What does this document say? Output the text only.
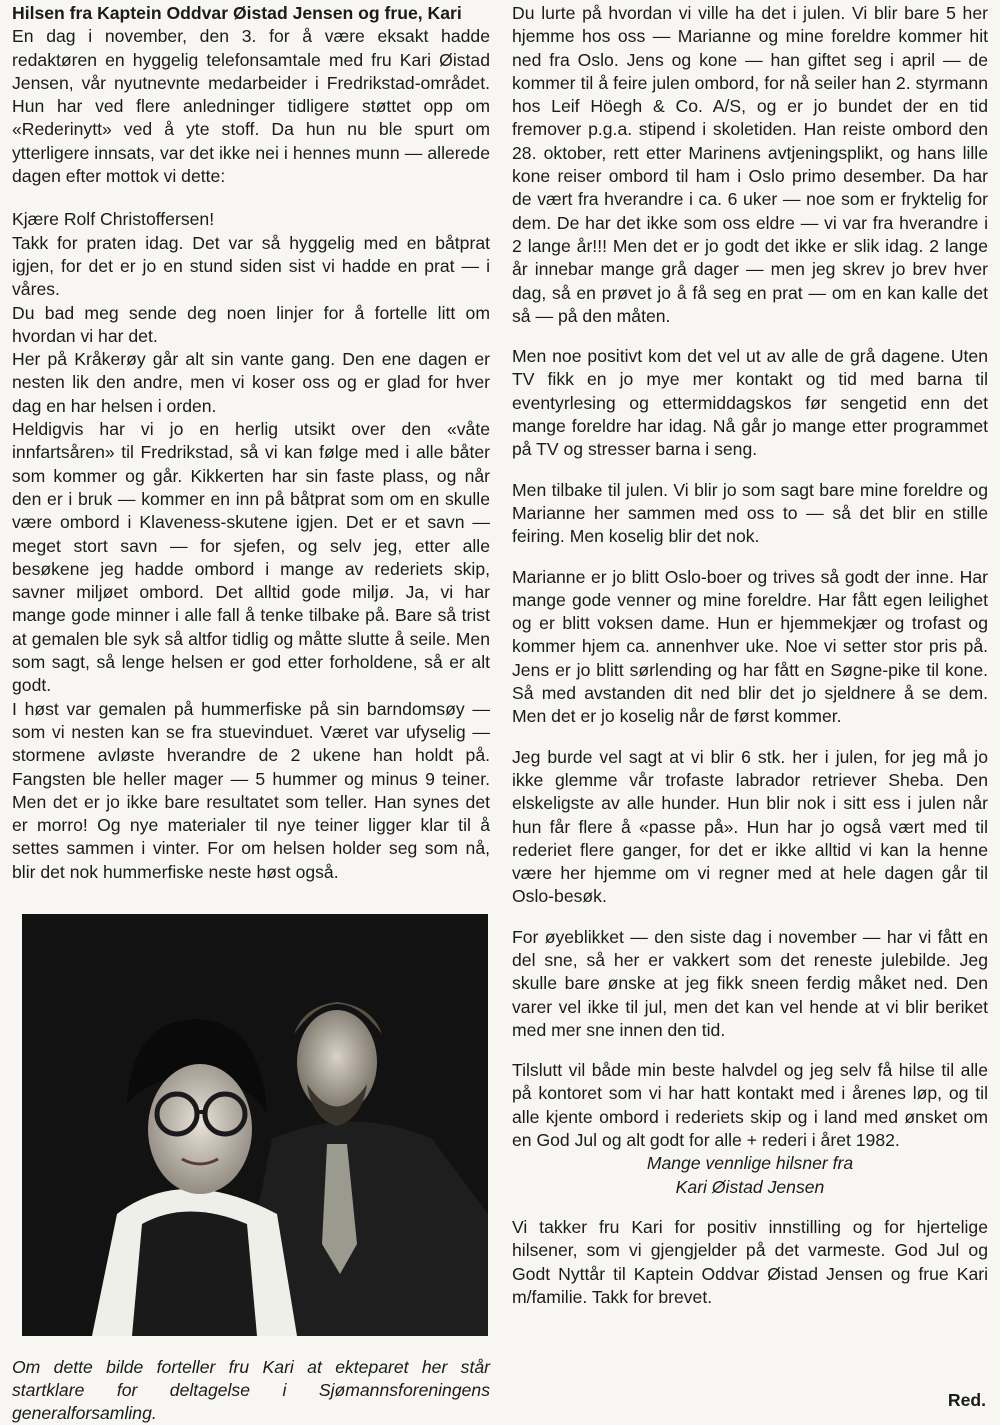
Hilsen fra Kaptein Oddvar Øistad Jensen og frue, Kari

En dag i november, den 3. for å være eksakt hadde redaktøren en hyggelig telefonsamtale med fru Kari Øistad Jensen, vår nyutnevnte medarbeider i Fredrikstad-området. Hun har ved flere anledninger tidligere støttet opp om «Rederinytt» ved å yte stoff. Da hun nu ble spurt om ytterligere innsats, var det ikke nei i hennes munn — allerede dagen efter mottok vi dette:

Kjære Rolf Christoffersen!

Takk for praten idag. Det var så hyggelig med en båtprat igjen, for det er jo en stund siden sist vi hadde en prat — i våres.

Du bad meg sende deg noen linjer for å fortelle litt om hvordan vi har det.

Her på Kråkerøy går alt sin vante gang. Den ene dagen er nesten lik den andre, men vi koser oss og er glad for hver dag en har helsen i orden.

Heldigvis har vi jo en herlig utsikt over den «våte innfartsåren» til Fredrikstad, så vi kan følge med i alle båter som kommer og går. Kikkerten har sin faste plass, og når den er i bruk — kommer en inn på båtprat som om en skulle være ombord i Klaveness-skutene igjen. Det er et savn — meget stort savn — for sjefen, og selv jeg, etter alle besøkene jeg hadde ombord i mange av rederiets skip, savner miljøet ombord. Det alltid gode miljø. Ja, vi har mange gode minner i alle fall å tenke tilbake på. Bare så trist at gemalen ble syk så altfor tidlig og måtte slutte å seile. Men som sagt, så lenge helsen er god etter forholdene, så er alt godt.

I høst var gemalen på hummerfiske på sin barndomsøy — som vi nesten kan se fra stuevinduet. Været var ufyselig — stormene avløste hverandre de 2 ukene han holdt på. Fangsten ble heller mager — 5 hummer og minus 9 teiner. Men det er jo ikke bare resultatet som teller. Han synes det er morro! Og nye materialer til nye teiner ligger klar til å settes sammen i vinter. For om helsen holder seg som nå, blir det nok hummerfiske neste høst også.

Om dette bilde forteller fru Kari at ekteparet her står startklare for deltagelse i Sjømannsforeningens generalforsamling.

Du lurte på hvordan vi ville ha det i julen. Vi blir bare 5 her hjemme hos oss — Marianne og mine foreldre kommer hit ned fra Oslo. Jens og kone — han giftet seg i april — de kommer til å feire julen ombord, for nå seiler han 2. styrmann hos Leif Höegh & Co. A/S, og er jo bundet der en tid fremover p.g.a. stipend i skoletiden. Han reiste ombord den 28. oktober, rett etter Marinens avtjeningsplikt, og hans lille kone reiser ombord til ham i Oslo primo desember. Da har de vært fra hverandre i ca. 6 uker — noe som er fryktelig for dem. De har det ikke som oss eldre — vi var fra hverandre i 2 lange år!!! Men det er jo godt det ikke er slik idag. 2 lange år innebar mange grå dager — men jeg skrev jo brev hver dag, så en prøvet jo å få seg en prat — om en kan kalle det så — på den måten.

Men noe positivt kom det vel ut av alle de grå dagene. Uten TV fikk en jo mye mer kontakt og tid med barna til eventyrlesing og ettermiddagskos før sengetid enn det mange foreldre har idag. Nå går jo mange etter programmet på TV og stresser barna i seng.

Men tilbake til julen. Vi blir jo som sagt bare mine foreldre og Marianne her sammen med oss to — så det blir en stille feiring. Men koselig blir det nok.

Marianne er jo blitt Oslo-boer og trives så godt der inne. Har mange gode venner og mine foreldre. Har fått egen leilighet og er blitt voksen dame. Hun er hjemmekjær og trofast og kommer hjem ca. annenhver uke. Noe vi setter stor pris på. Jens er jo blitt sørlending og har fått en Søgne-pike til kone. Så med avstanden dit ned blir det jo sjeldnere å se dem. Men det er jo koselig når de først kommer.

Jeg burde vel sagt at vi blir 6 stk. her i julen, for jeg må jo ikke glemme vår trofaste labrador retriever Sheba. Den elskeligste av alle hunder. Hun blir nok i sitt ess i julen når hun får flere å «passe på». Hun har jo også vært med til rederiet flere ganger, for det er ikke alltid vi kan la henne være her hjemme om vi regner med at hele dagen går til Oslo-besøk.

For øyeblikket — den siste dag i november — har vi fått en del sne, så her er vakkert som det reneste julebilde. Jeg skulle bare ønske at jeg fikk sneen ferdig måket ned. Den varer vel ikke til jul, men det kan vel hende at vi blir beriket med mer sne innen den tid.

Tilslutt vil både min beste halvdel og jeg selv få hilse til alle på kontoret som vi har hatt kontakt med i årenes løp, og til alle kjente ombord i rederiets skip og i land med ønsket om en God Jul og alt godt for alle + rederi i året 1982.

Mange vennlige hilsner fra

Kari Øistad Jensen

Vi takker fru Kari for positiv innstilling og for hjertelige hilsener, som vi gjengjelder på det varmeste. God Jul og Godt Nyttår til Kaptein Oddvar Øistad Jensen og frue Kari m/familie. Takk for brevet.

Red.
